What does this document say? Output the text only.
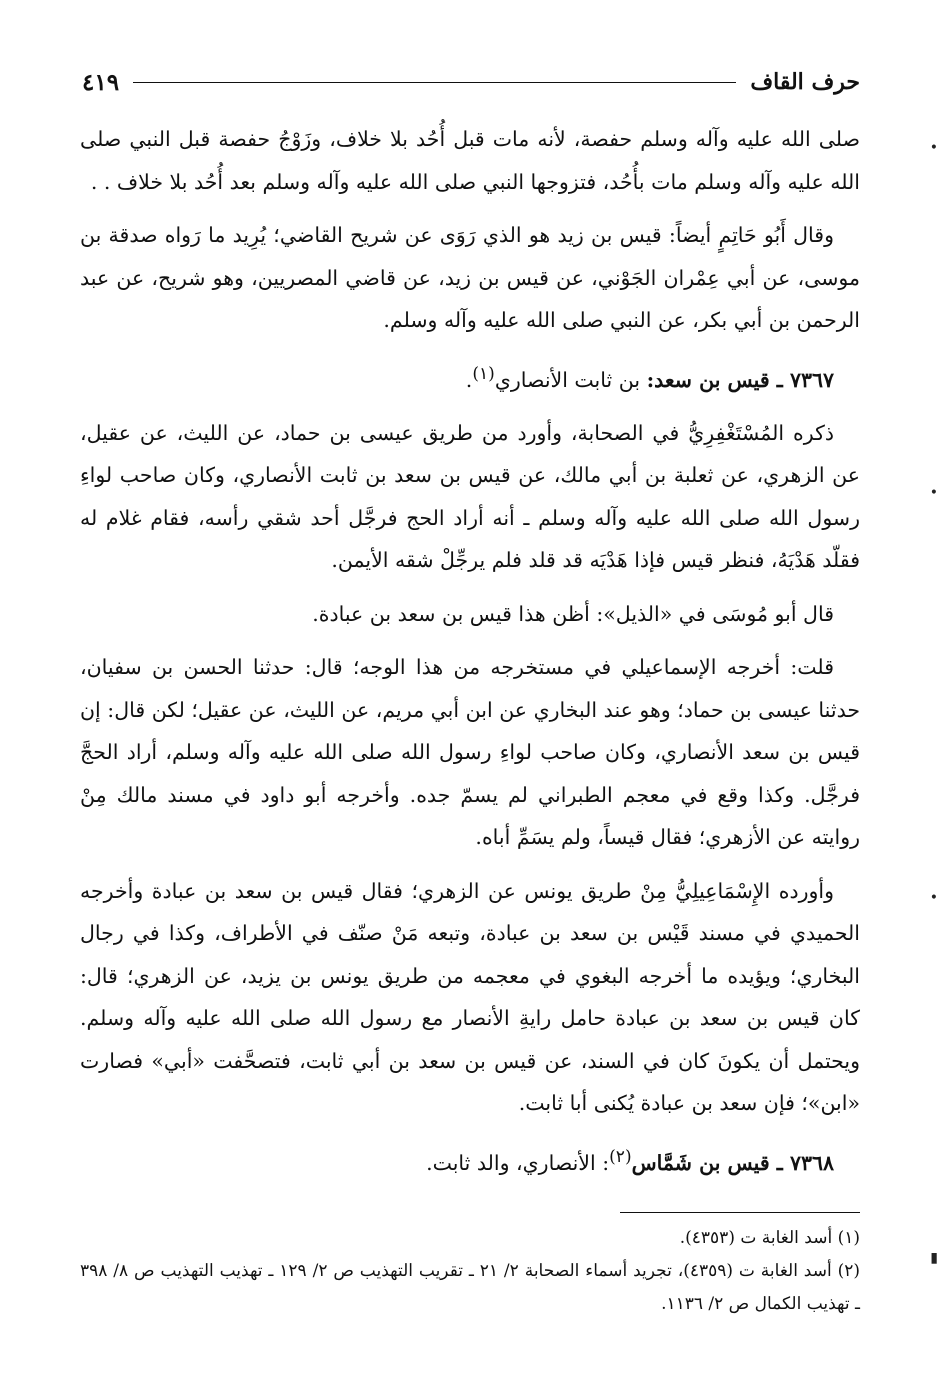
حرف القاف
٤١٩

صلى الله عليه وآله وسلم حفصة، لأنه مات قبل أُحُد بلا خلاف، وزَوْجُ حفصة قبل النبي صلى الله عليه وآله وسلم مات بأُحُد، فتزوجها النبي صلى الله عليه وآله وسلم بعد أُحُد بلا خلاف . .

وقال أَبُو حَاتِمٍ أيضاً: قيس بن زيد هو الذي رَوَى عن شريح القاضي؛ يُرِيد ما رَواه صدقة بن موسى، عن أبي عِمْران الجَوْني، عن قيس بن زيد، عن قاضي المصريين، وهو شريح، عن عبد الرحمن بن أبي بكر، عن النبي صلى الله عليه وآله وسلم.

٧٣٦٧ ـ قيس بن سعد: بن ثابت الأنصاري$^{(١)}$.

ذكره المُسْتَغْفِرِيُّ في الصحابة، وأورد من طريق عيسى بن حماد، عن الليث، عن عقيل، عن الزهري، عن ثعلبة بن أبي مالك، عن قيس بن سعد بن ثابت الأنصاري، وكان صاحب لواءِ رسول الله صلى الله عليه وآله وسلم ـ أنه أراد الحج فرجَّل أحد شقي رأسه، فقام غلام له فقلّد هَدْيَهُ، فنظر قيس فإذا هَدْيَه قد قلد فلم يرجِّلْ شقه الأيمن.

قال أبو مُوسَى في «الذيل»: أظن هذا قيس بن سعد بن عبادة.

قلت: أخرجه الإسماعيلي في مستخرجه من هذا الوجه؛ قال: حدثنا الحسن بن سفيان، حدثنا عيسى بن حماد؛ وهو عند البخاري عن ابن أبي مريم، عن الليث، عن عقيل؛ لكن قال: إن قيس بن سعد الأنصاري، وكان صاحب لواءِ رسول الله صلى الله عليه وآله وسلم، أراد الحجَّ فرجَّل. وكذا وقع في معجم الطبراني لم يسمّ جده. وأخرجه أبو داود في مسند مالك مِنْ روايته عن الأزهري؛ فقال قيساً، ولم يسَمِّ أباه.

وأورده الإِسْمَاعِيلِيُّ مِنْ طريق يونس عن الزهري؛ فقال قيس بن سعد بن عبادة وأخرجه الحميدي في مسند قَيْس بن سعد بن عبادة، وتبعه مَنْ صنّف في الأطراف، وكذا في رجال البخاري؛ ويؤيده ما أخرجه البغوي في معجمه من طريق يونس بن يزيد، عن الزهري؛ قال: كان قيس بن سعد بن عبادة حامل رايةِ الأنصار مع رسول الله صلى الله عليه وآله وسلم. ويحتمل أن يكونَ كان في السند، عن قيس بن سعد بن أبي ثابت، فتصحَّفت «أبي» فصارت «ابن»؛ فإن سعد بن عبادة يُكنى أبا ثابت.

٧٣٦٨ ـ قيس بن شَمَّاس$^{(٢)}$: الأنصاري، والد ثابت.

(١) أسد الغابة ت (٤٣٥٣).

(٢) أسد الغابة ت (٤٣٥٩)، تجريد أسماء الصحابة ٢/ ٢١ ـ تقريب التهذيب ص ٢/ ١٢٩ ـ تهذيب التهذيب ص ٨/ ٣٩٨ ـ تهذيب الكمال ص ٢/ ١١٣٦.

•
•
•
▮
